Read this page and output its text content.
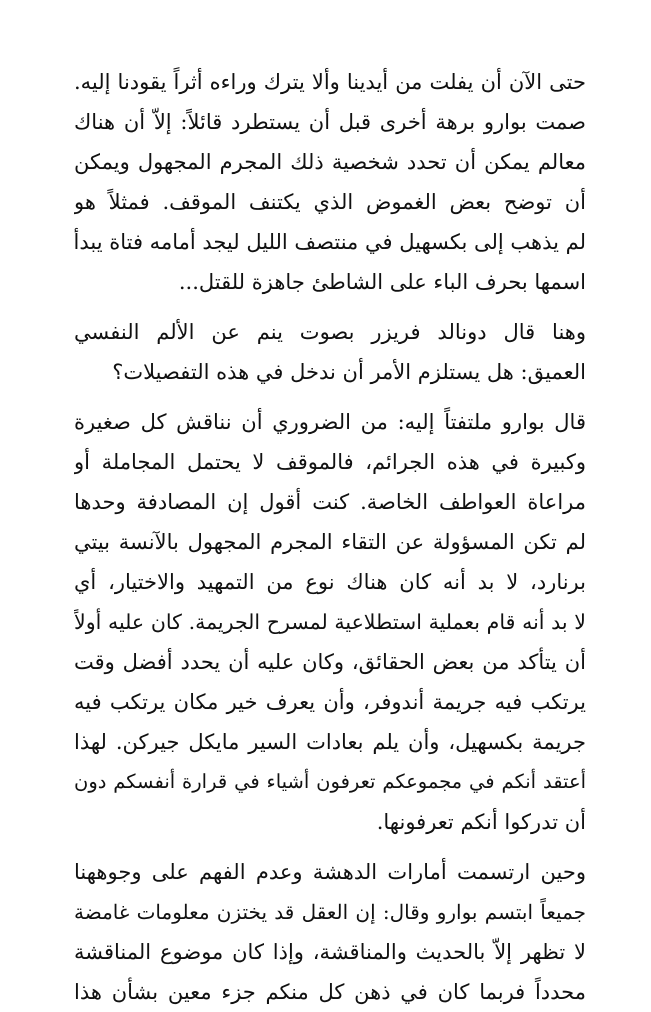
حتى الآن أن يفلت من أيدينا وألا يترك وراءه أثراً يقودنا إليه.
صمت بوارو برهة أخرى قبل أن يستطرد قائلاً: إلاّ أن هناك
معالم يمكن أن تحدد شخصية ذلك المجرم المجهول ويمكن
أن توضح بعض الغموض الذي يكتنف الموقف. فمثلاً هو
لم يذهب إلى بكسهيل في منتصف الليل ليجد أمامه فتاة يبدأ
اسمها بحرف الباء على الشاطئ جاهزة للقتل...
وهنا قال دونالد فريزر بصوت ينم عن الألم النفسي
العميق: هل يستلزم الأمر أن ندخل في هذه التفصيلات؟
قال بوارو ملتفتاً إليه: من الضروري أن نناقش كل صغيرة
وكبيرة في هذه الجرائم، فالموقف لا يحتمل المجاملة أو
مراعاة العواطف الخاصة. كنت أقول إن المصادفة وحدها
لم تكن المسؤولة عن التقاء المجرم المجهول بالآنسة بيتي
برنارد، لا بد أنه كان هناك نوع من التمهيد والاختيار، أي
لا بد أنه قام بعملية استطلاعية لمسرح الجريمة. كان عليه أولاً
أن يتأكد من بعض الحقائق، وكان عليه أن يحدد أفضل وقت
يرتكب فيه جريمة أندوفر، وأن يعرف خير مكان يرتكب فيه
جريمة بكسهيل، وأن يلم بعادات السير مايكل جيركن. لهذا
أعتقد أنكم في مجموعكم تعرفون أشياء في قرارة أنفسكم دون
أن تدركوا أنكم تعرفونها.
وحين ارتسمت أمارات الدهشة وعدم الفهم على وجوههنا
جميعاً ابتسم بوارو وقال: إن العقل قد يختزن معلومات غامضة
لا تظهر إلاّ بالحديث والمناقشة، وإذا كان موضوع المناقشة
محدداً فربما كان في ذهن كل منكم جزء معين بشأن هذا
